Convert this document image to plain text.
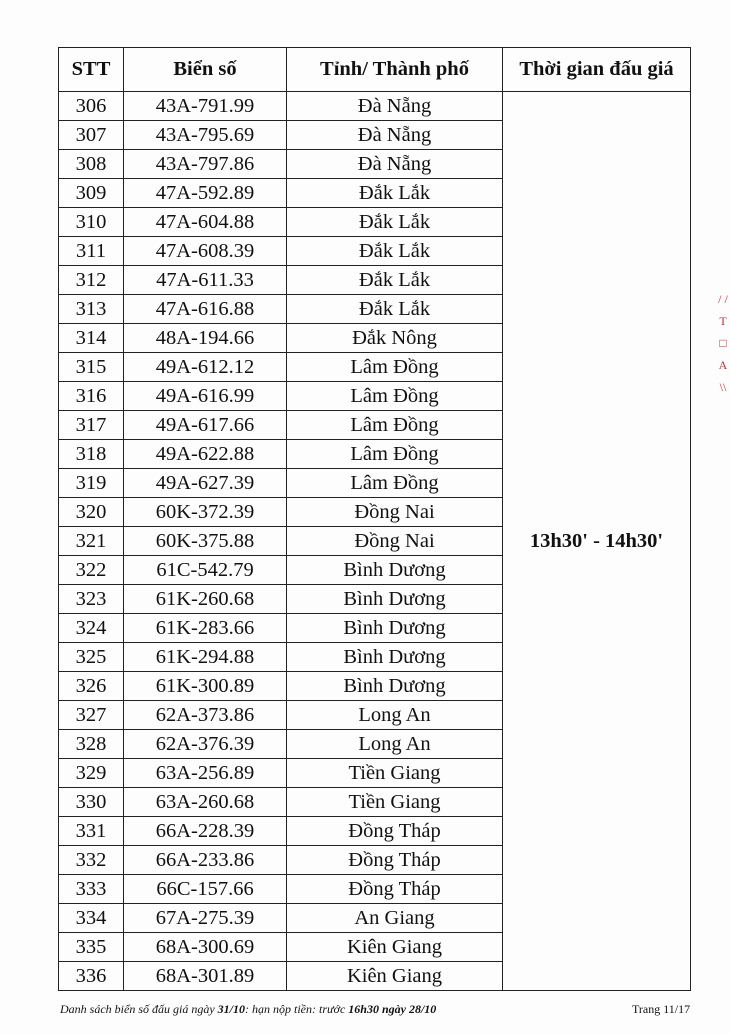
STT	Biển số	Tỉnh/ Thành phố	Thời gian đấu giá
306	43A-791.99	Đà Nẵng	13h30' - 14h30'
307	43A-795.69	Đà Nẵng	
308	43A-797.86	Đà Nẵng	
309	47A-592.89	Đắk Lắk	
310	47A-604.88	Đắk Lắk	
311	47A-608.39	Đắk Lắk	
312	47A-611.33	Đắk Lắk	
313	47A-616.88	Đắk Lắk	
314	48A-194.66	Đắk Nông	
315	49A-612.12	Lâm Đồng	
316	49A-616.99	Lâm Đồng	
317	49A-617.66	Lâm Đồng	
318	49A-622.88	Lâm Đồng	
319	49A-627.39	Lâm Đồng	
320	60K-372.39	Đồng Nai	
321	60K-375.88	Đồng Nai	
322	61C-542.79	Bình Dương	
323	61K-260.68	Bình Dương	
324	61K-283.66	Bình Dương	
325	61K-294.88	Bình Dương	
326	61K-300.89	Bình Dương	
327	62A-373.86	Long An	
328	62A-376.39	Long An	
329	63A-256.89	Tiền Giang	
330	63A-260.68	Tiền Giang	
331	66A-228.39	Đồng Tháp	
332	66A-233.86	Đồng Tháp	
333	66C-157.66	Đồng Tháp	
334	67A-275.39	An Giang	
335	68A-300.69	Kiên Giang	
336	68A-301.89	Kiên Giang	
Danh sách biển số đấu giá ngày 31/10: hạn nộp tiền: trước 16h30 ngày 28/10	Trang 11/17
/ /
T
□
A
\\
